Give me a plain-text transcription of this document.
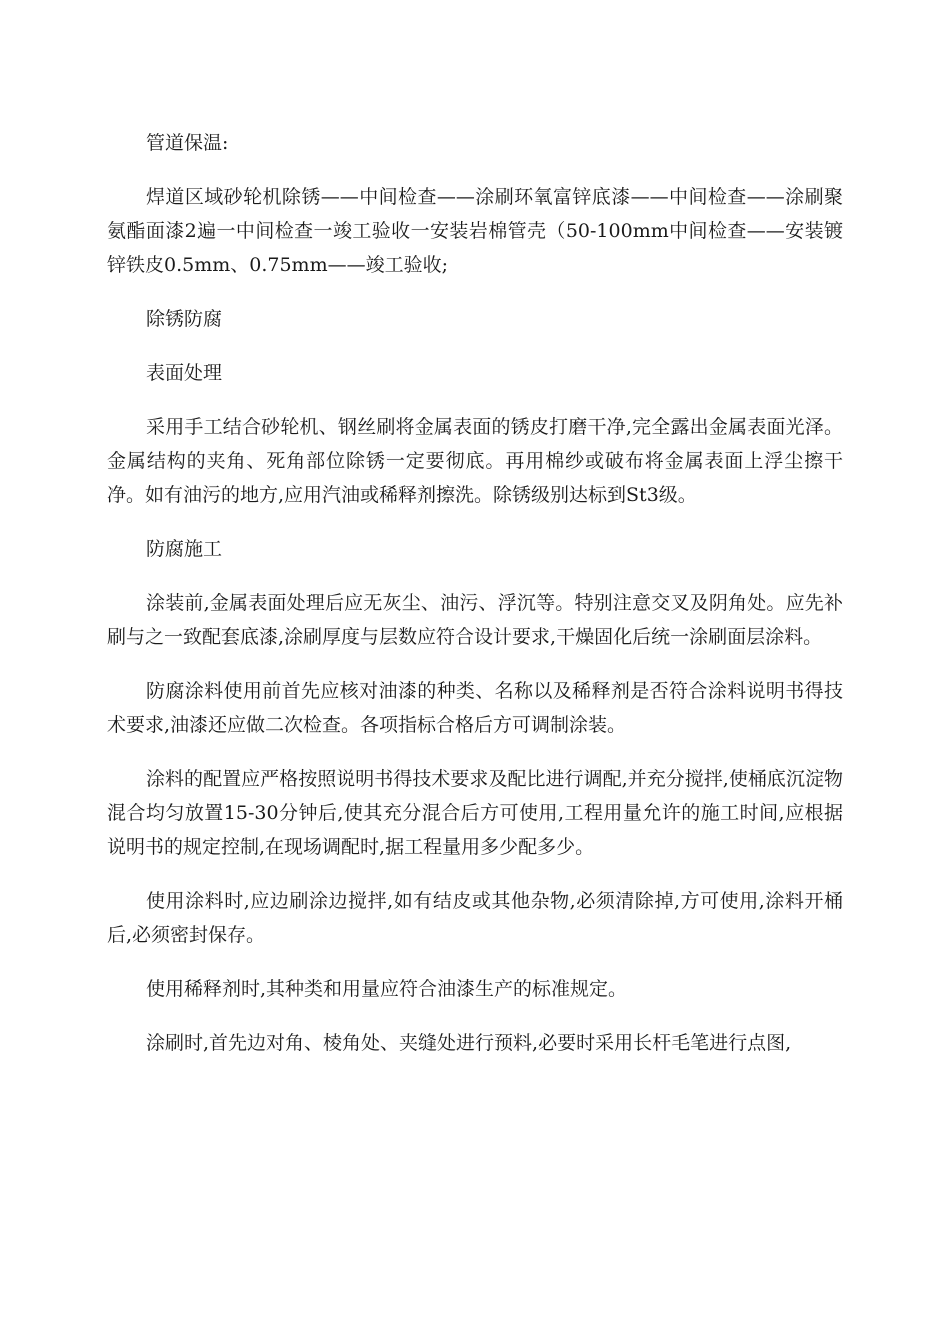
管道保温:

焊道区域砂轮机除锈——中间检查——涂刷环氧富锌底漆——中间检查——涂刷聚氨酯面漆2遍一中间检查一竣工验收一安装岩棉管壳（50-100mm中间检查——安装镀锌铁皮0.5mm、0.75mm——竣工验收;

除锈防腐

表面处理

采用手工结合砂轮机、钢丝刷将金属表面的锈皮打磨干净,完全露出金属表面光泽。金属结构的夹角、死角部位除锈一定要彻底。再用棉纱或破布将金属表面上浮尘擦干净。如有油污的地方,应用汽油或稀释剂擦洗。除锈级别达标到St3级。

防腐施工

涂装前,金属表面处理后应无灰尘、油污、浮沉等。特别注意交叉及阴角处。应先补刷与之一致配套底漆,涂刷厚度与层数应符合设计要求,干燥固化后统一涂刷面层涂料。

防腐涂料使用前首先应核对油漆的种类、名称以及稀释剂是否符合涂料说明书得技术要求,油漆还应做二次检查。各项指标合格后方可调制涂装。

涂料的配置应严格按照说明书得技术要求及配比进行调配,并充分搅拌,使桶底沉淀物混合均匀放置15-30分钟后,使其充分混合后方可使用,工程用量允许的施工时间,应根据说明书的规定控制,在现场调配时,据工程量用多少配多少。

使用涂料时,应边刷涂边搅拌,如有结皮或其他杂物,必须清除掉,方可使用,涂料开桶后,必须密封保存。

使用稀释剂时,其种类和用量应符合油漆生产的标准规定。

涂刷时,首先边对角、棱角处、夹缝处进行预料,必要时采用长杆毛笔进行点图,
